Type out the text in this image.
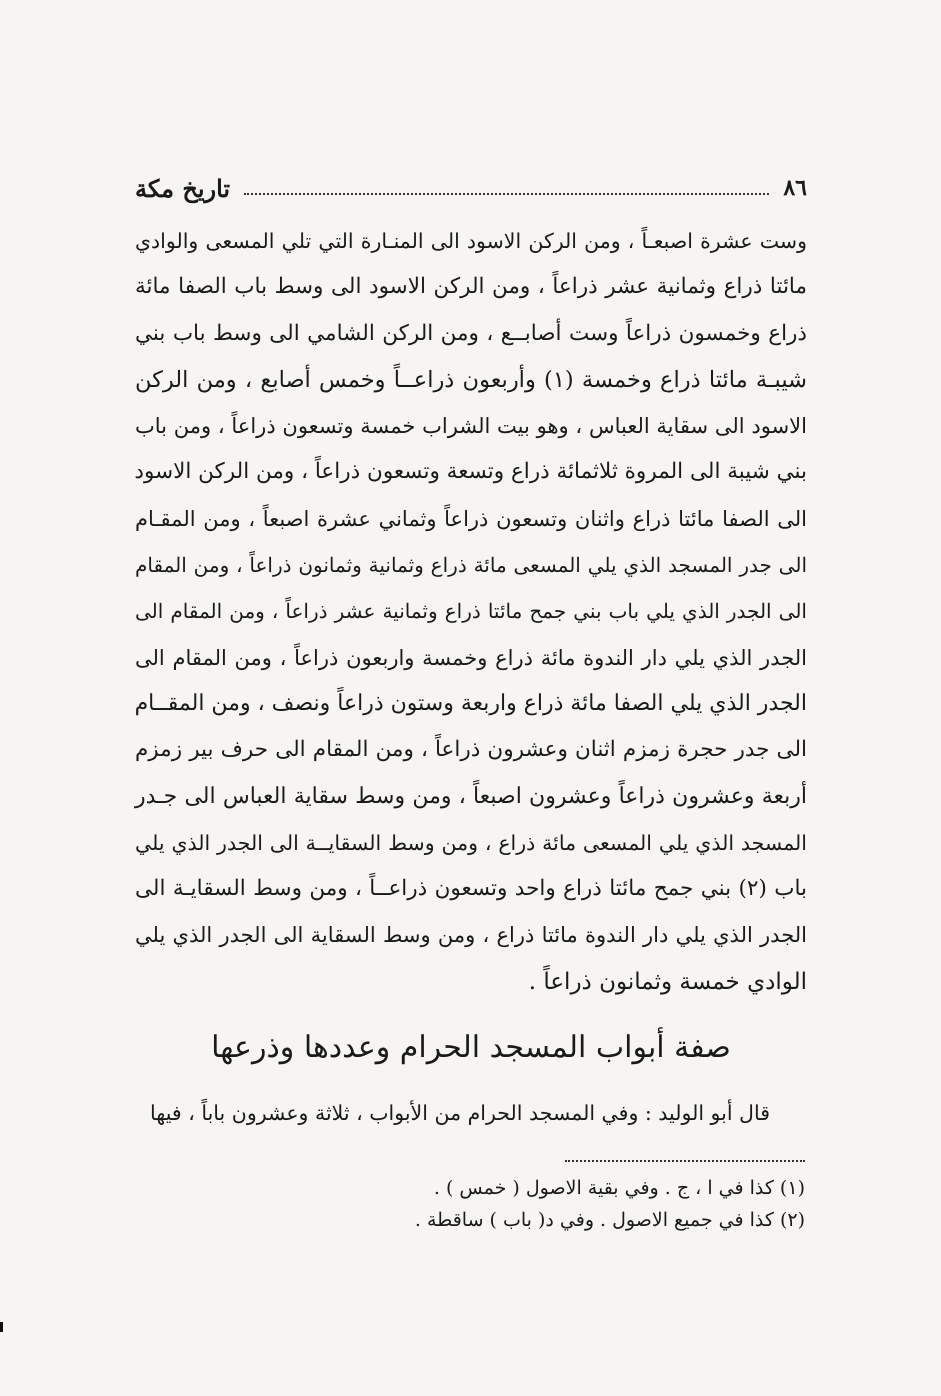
٨٦
تاريخ مكة
وست عشرة اصبعـاً ، ومن الركن الاسود الى المنـارة التي تلي المسعى والوادي
مائتا ذراع وثمانية عشر ذراعاً ، ومن الركن الاسود الى وسط باب الصفا مائة
ذراع وخمسون ذراعاً وست أصابــع ، ومن الركن الشامي الى وسط باب بني
شيبـة مائتا ذراع وخمسة (١) وأربعون ذراعــاً وخمس أصابع ، ومن الركن
الاسود الى سقاية العباس ، وهو بيت الشراب خمسة وتسعون ذراعاً ، ومن باب
بني شيبة الى المروة ثلاثمائة ذراع وتسعة وتسعون ذراعاً ، ومن الركن الاسود
الى الصفا مائتا ذراع واثنان وتسعون ذراعاً وثماني عشرة اصبعاً ، ومن المقـام
الى جدر المسجد الذي يلي المسعى مائة ذراع وثمانية وثمانون ذراعاً ، ومن المقام
الى الجدر الذي يلي باب بني جمح مائتا ذراع وثمانية عشر ذراعاً ، ومن المقام الى
الجدر الذي يلي دار الندوة مائة ذراع وخمسة واربعون ذراعاً ، ومن المقام الى
الجدر الذي يلي الصفا مائة ذراع واربعة وستون ذراعاً ونصف ، ومن المقــام
الى جدر حجرة زمزم اثنان وعشرون ذراعاً ، ومن المقام الى حرف بير زمزم
أربعة وعشرون ذراعاً وعشرون اصبعاً ، ومن وسط سقاية العباس الى جـدر
المسجد الذي يلي المسعى مائة ذراع ، ومن وسط السقايــة الى الجدر الذي يلي
باب (٢) بني جمح مائتا ذراع واحد وتسعون ذراعــاً ، ومن وسط السقايـة الى
الجدر الذي يلي دار الندوة مائتا ذراع ، ومن وسط السقاية الى الجدر الذي يلي
الوادي خمسة وثمانون ذراعاً .
صفة أبواب المسجد الحرام وعددها وذرعها
قال أبو الوليد : وفي المسجد الحرام من الأبواب ، ثلاثة وعشرون باباً ، فيها
(١) كذا في ا ، ج . وفي بقية الاصول ( خمس ) .
(٢) كذا في جميع الاصول . وفي د( باب ) ساقطة .
